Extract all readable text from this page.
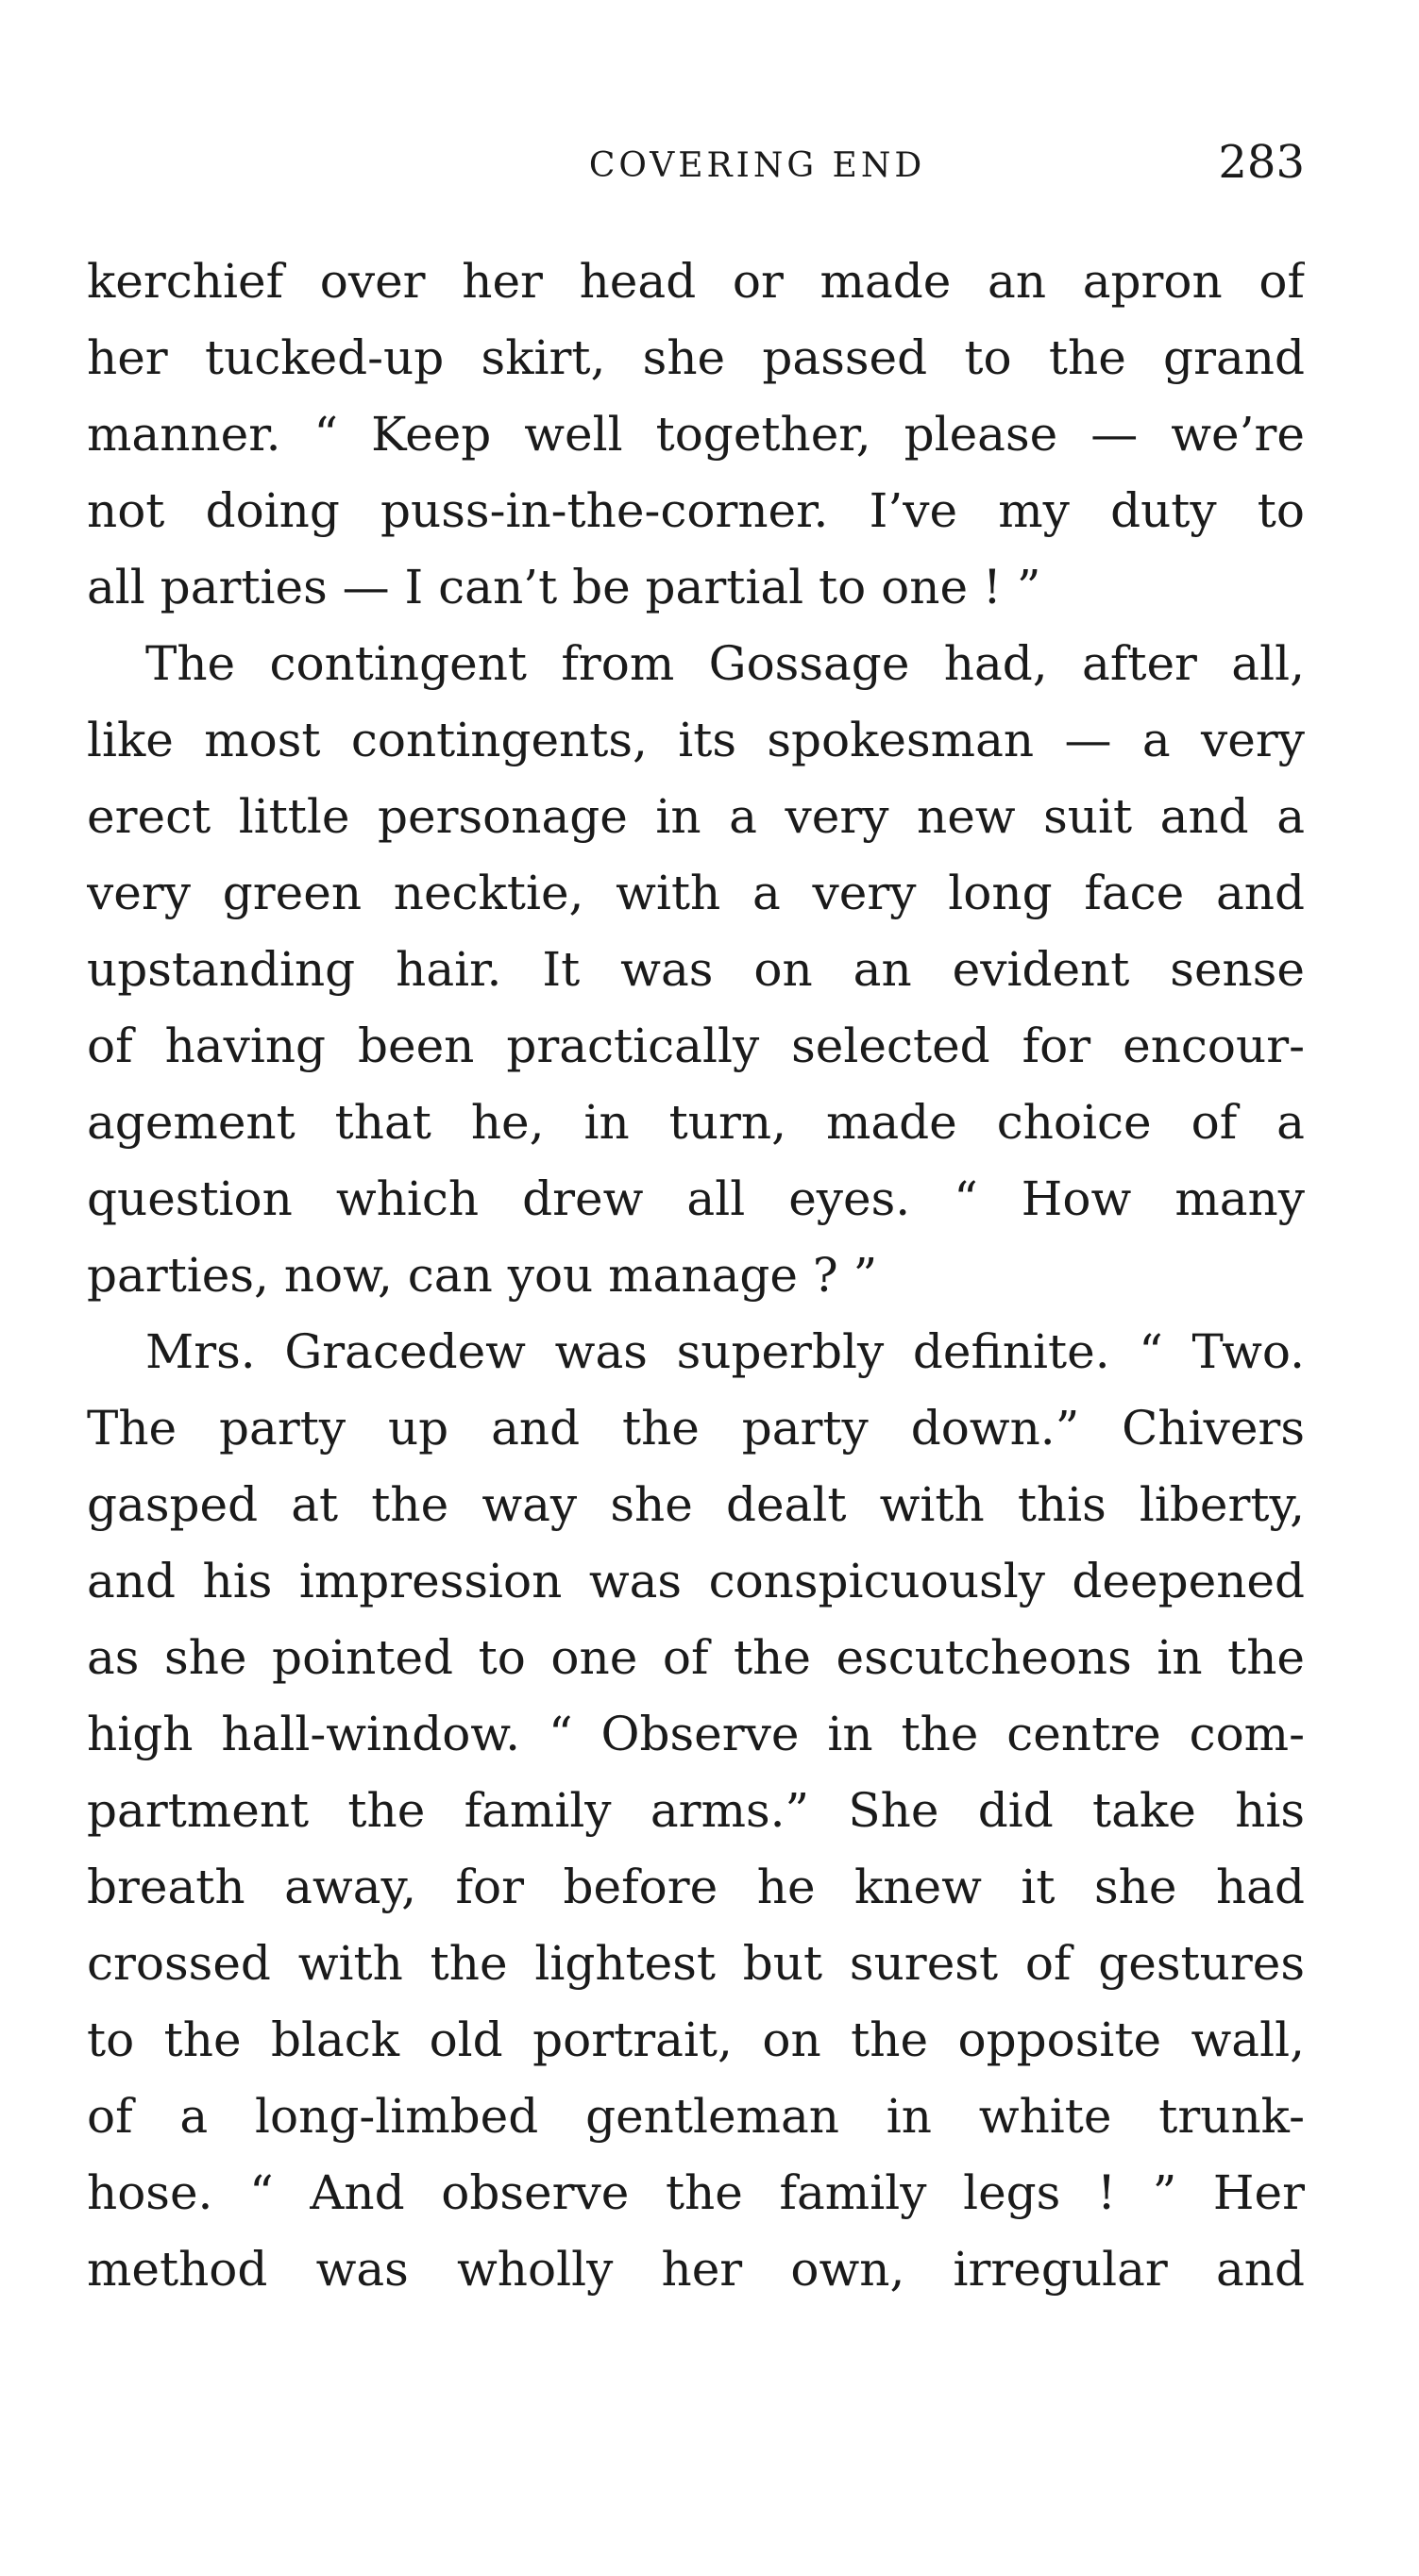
COVERING END	283
kerchief over her head or made an apron of
her tucked-up skirt, she passed to the grand
manner. “ Keep well together, please — we’re
not doing puss-in-the-corner. I’ve my duty to
all parties — I can’t be partial to one ! ”
The contingent from Gossage had, after all,
like most contingents, its spokesman — a very
erect little personage in a very new suit and a
very green necktie, with a very long face and
upstanding hair. It was on an evident sense
of having been practically selected for encour-
agement that he, in turn, made choice of a
question which drew all eyes. “ How many
parties, now, can you manage ? ”
Mrs. Gracedew was superbly definite. “ Two.
The party up and the party down.” Chivers
gasped at the way she dealt with this liberty,
and his impression was conspicuously deepened
as she pointed to one of the escutcheons in the
high hall-window. “ Observe in the centre com-
partment the family arms.” She did take his
breath away, for before he knew it she had
crossed with the lightest but surest of gestures
to the black old portrait, on the opposite wall,
of a long-limbed gentleman in white trunk-
hose. “ And observe the family legs ! ” Her
method was wholly her own, irregular and
